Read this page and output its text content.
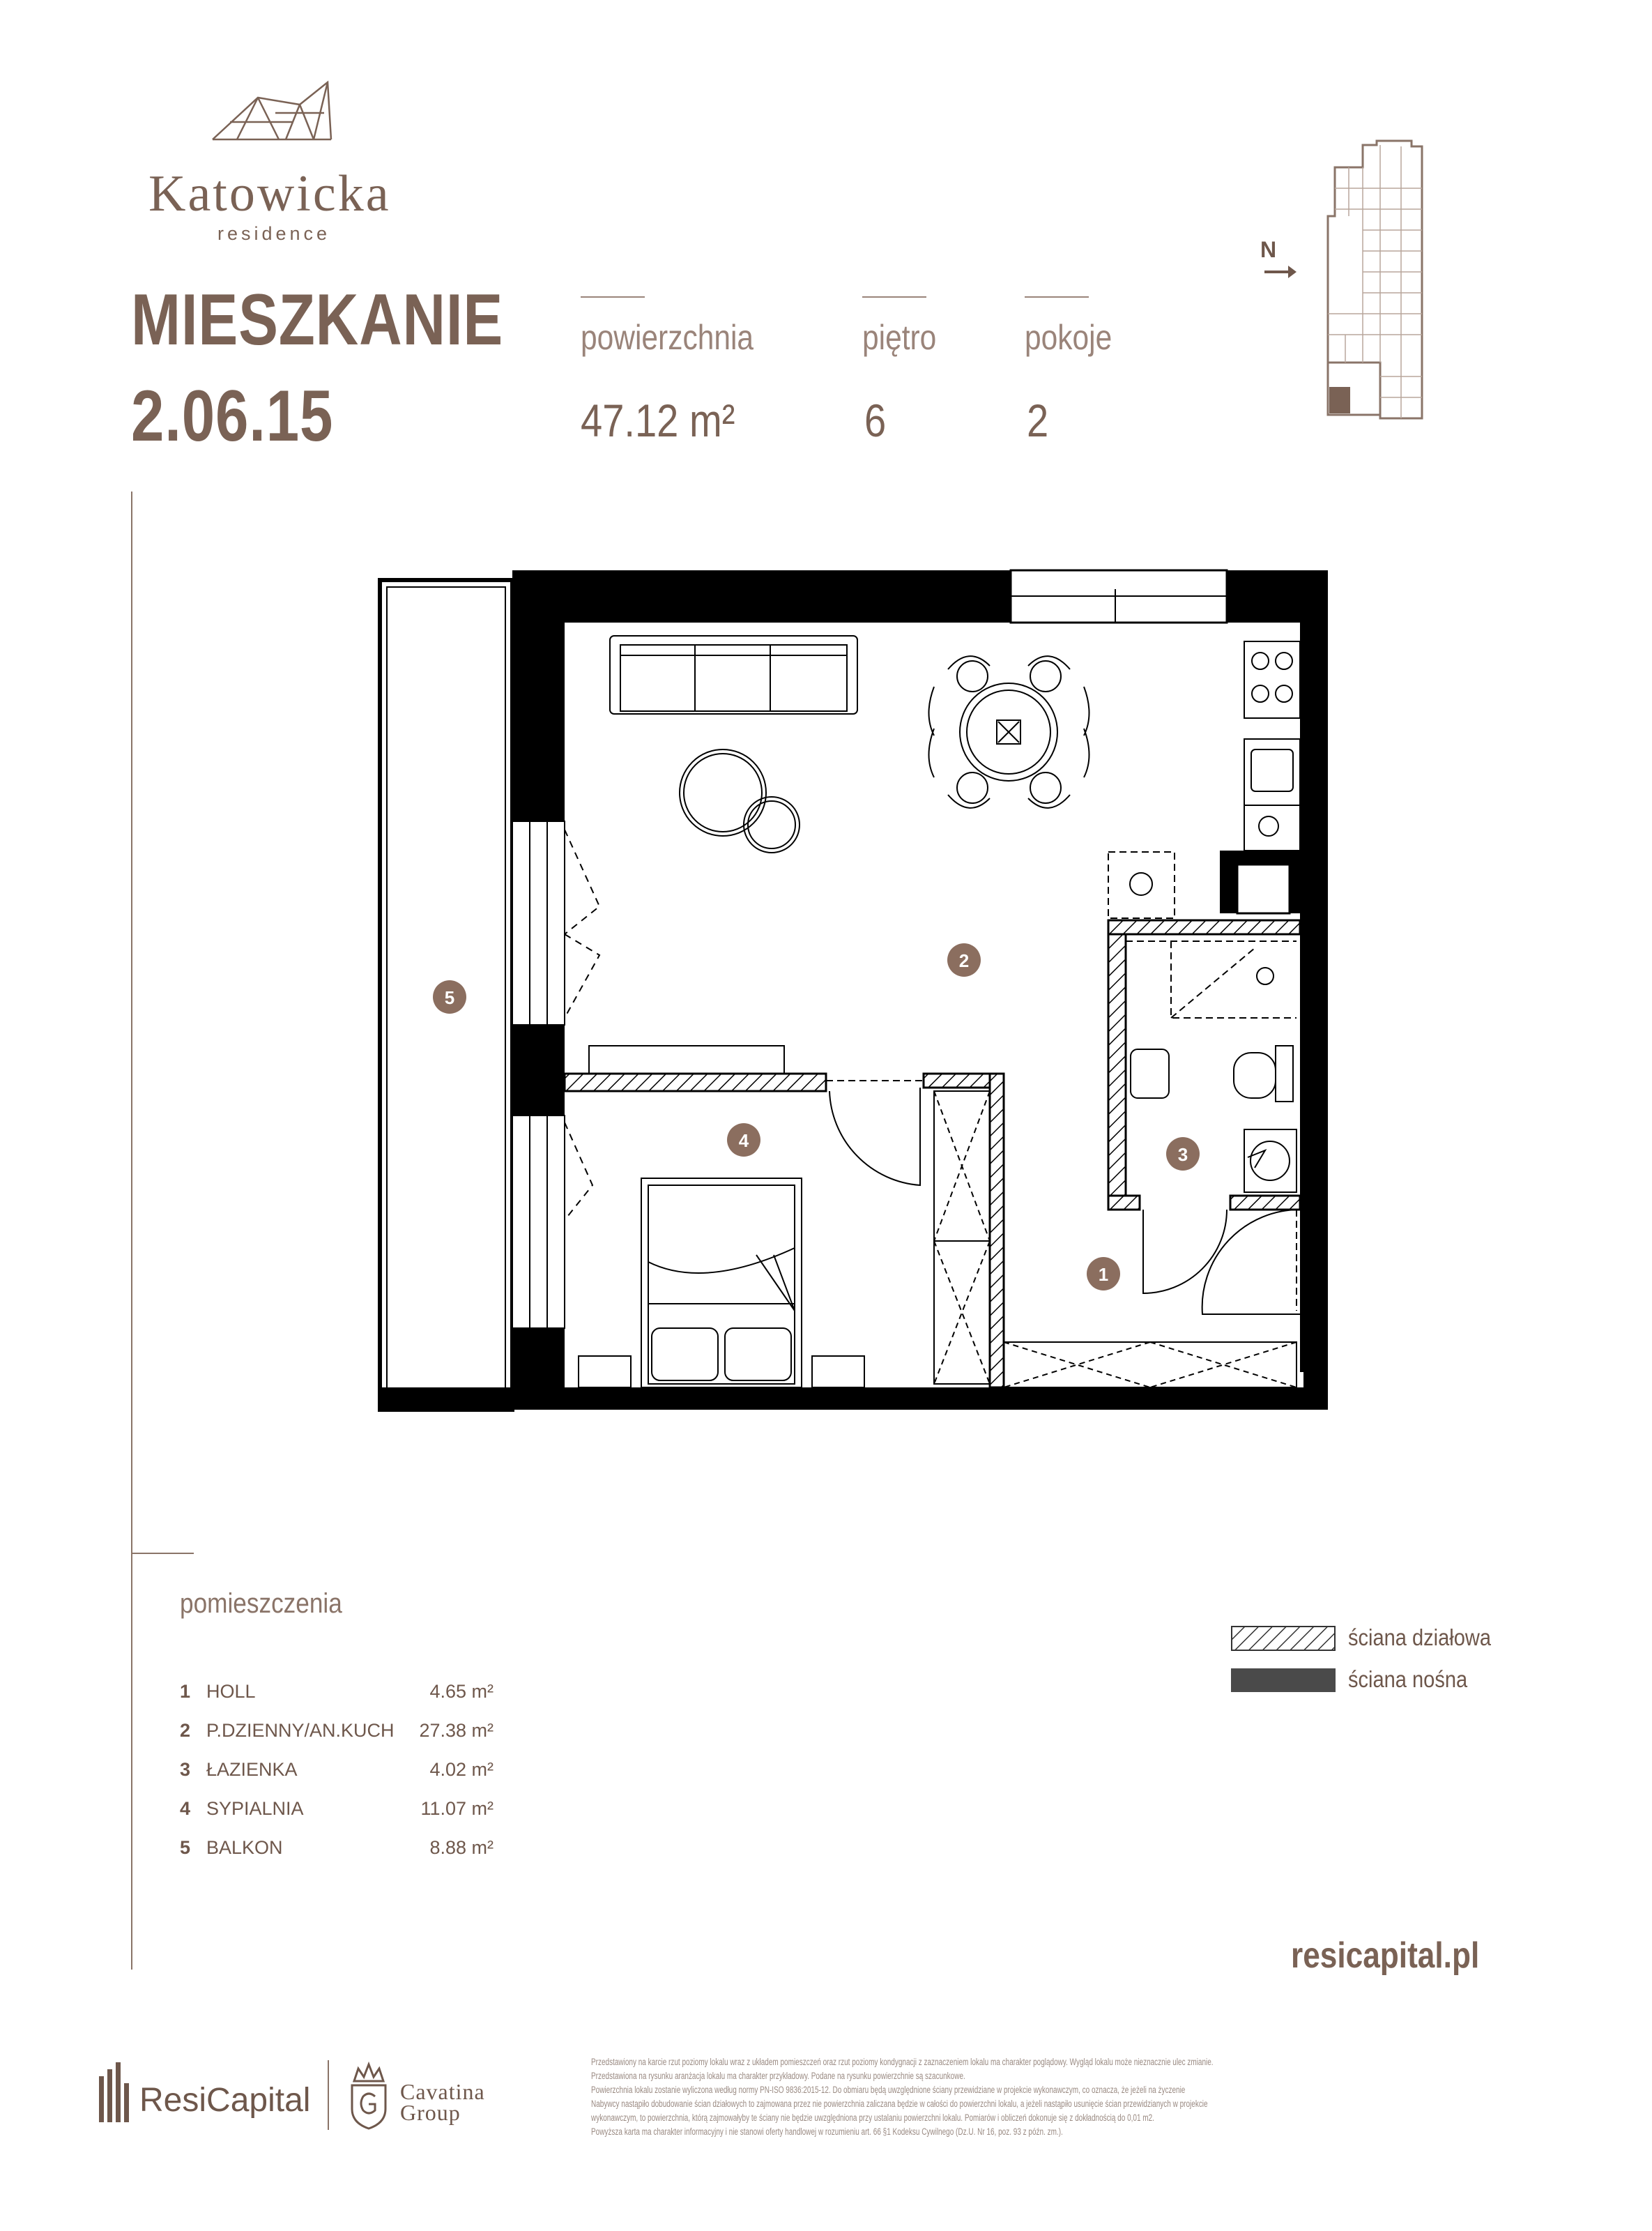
Katowicka
residence
MIESZKANIE
2.06.15
powierzchnia
47.12 m²
piętro
6
pokoje
2
N
1
2
3
4
5
pomieszczenia
1 HOLL	4.65 m²
2 P.DZIENNY/AN.KUCH	27.38 m²
3 ŁAZIENKA	4.02 m²
4 SYPIALNIA	11.07 m²
5 BALKON	8.88 m²
ściana działowa
ściana nośna
resicapital.pl
ResiCapital	Cavatina
Group
Przedstawiony na karcie rzut poziomy lokalu wraz z układem pomieszczeń oraz rzut poziomy kondygnacji z zaznaczeniem lokalu ma charakter poglądowy. Wygląd lokalu może nieznacznie ulec zmianie.
Przedstawiona na rysunku aranżacja lokalu ma charakter przykładowy. Podane na rysunku powierzchnie są szacunkowe.
Powierzchnia lokalu zostanie wyliczona według normy PN-ISO 9836:2015-12. Do obmiaru będą uwzględnione ściany przewidziane w projekcie wykonawczym, co oznacza, że jeżeli na życzenie
Nabywcy nastąpiło dobudowanie ścian działowych to zajmowana przez nie powierzchnia zaliczana będzie w całości do powierzchni lokalu, a jeżeli nastąpiło usunięcie ścian przewidzianych w projekcie
wykonawczym, to powierzchnia, którą zajmowałyby te ściany nie będzie uwzględniona przy ustalaniu powierzchni lokalu. Pomiarów i obliczeń dokonuje się z dokładnością do 0,01 m2.
Powyższa karta ma charakter informacyjny i nie stanowi oferty handlowej w rozumieniu art. 66 §1 Kodeksu Cywilnego (Dz.U. Nr 16, poz. 93 z późn. zm.).
